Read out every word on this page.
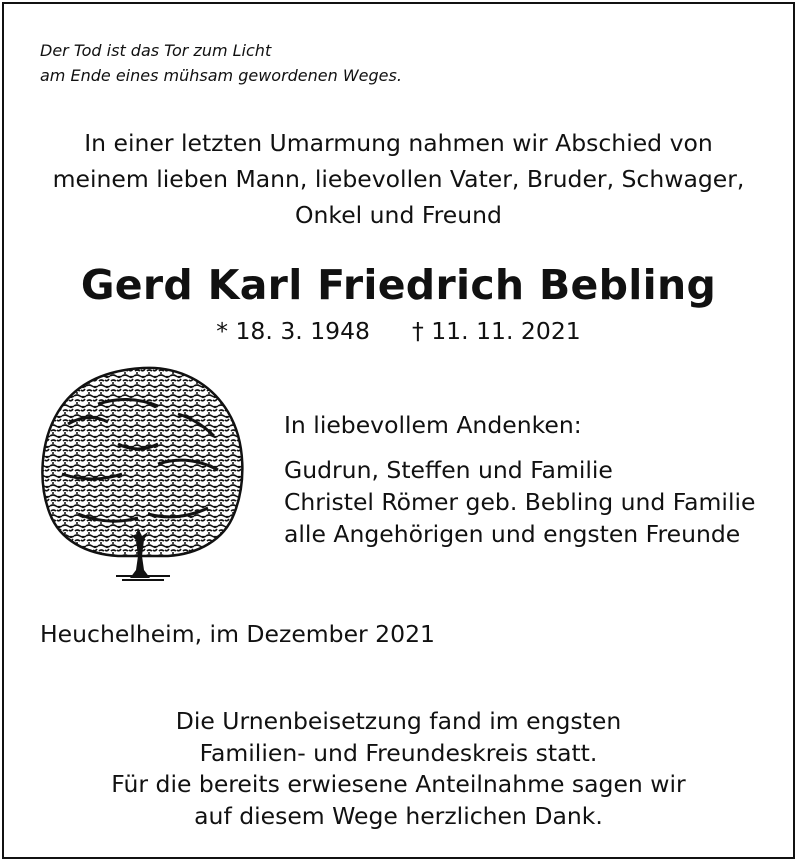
Der Tod ist das Tor zum Licht
am Ende eines mühsam gewordenen Weges.
In einer letzten Umarmung nahmen wir Abschied von
meinem lieben Mann, liebevollen Vater, Bruder, Schwager,
Onkel und Freund
Gerd Karl Friedrich Bebling
* 18. 3. 1948 † 11. 11. 2021
In liebevollem Andenken:
Gudrun, Steffen und Familie
Christel Römer geb. Bebling und Familie
alle Angehörigen und engsten Freunde
Heuchelheim, im Dezember 2021
Die Urnenbeisetzung fand im engsten
Familien- und Freundeskreis statt.
Für die bereits erwiesene Anteilnahme sagen wir
auf diesem Wege herzlichen Dank.
